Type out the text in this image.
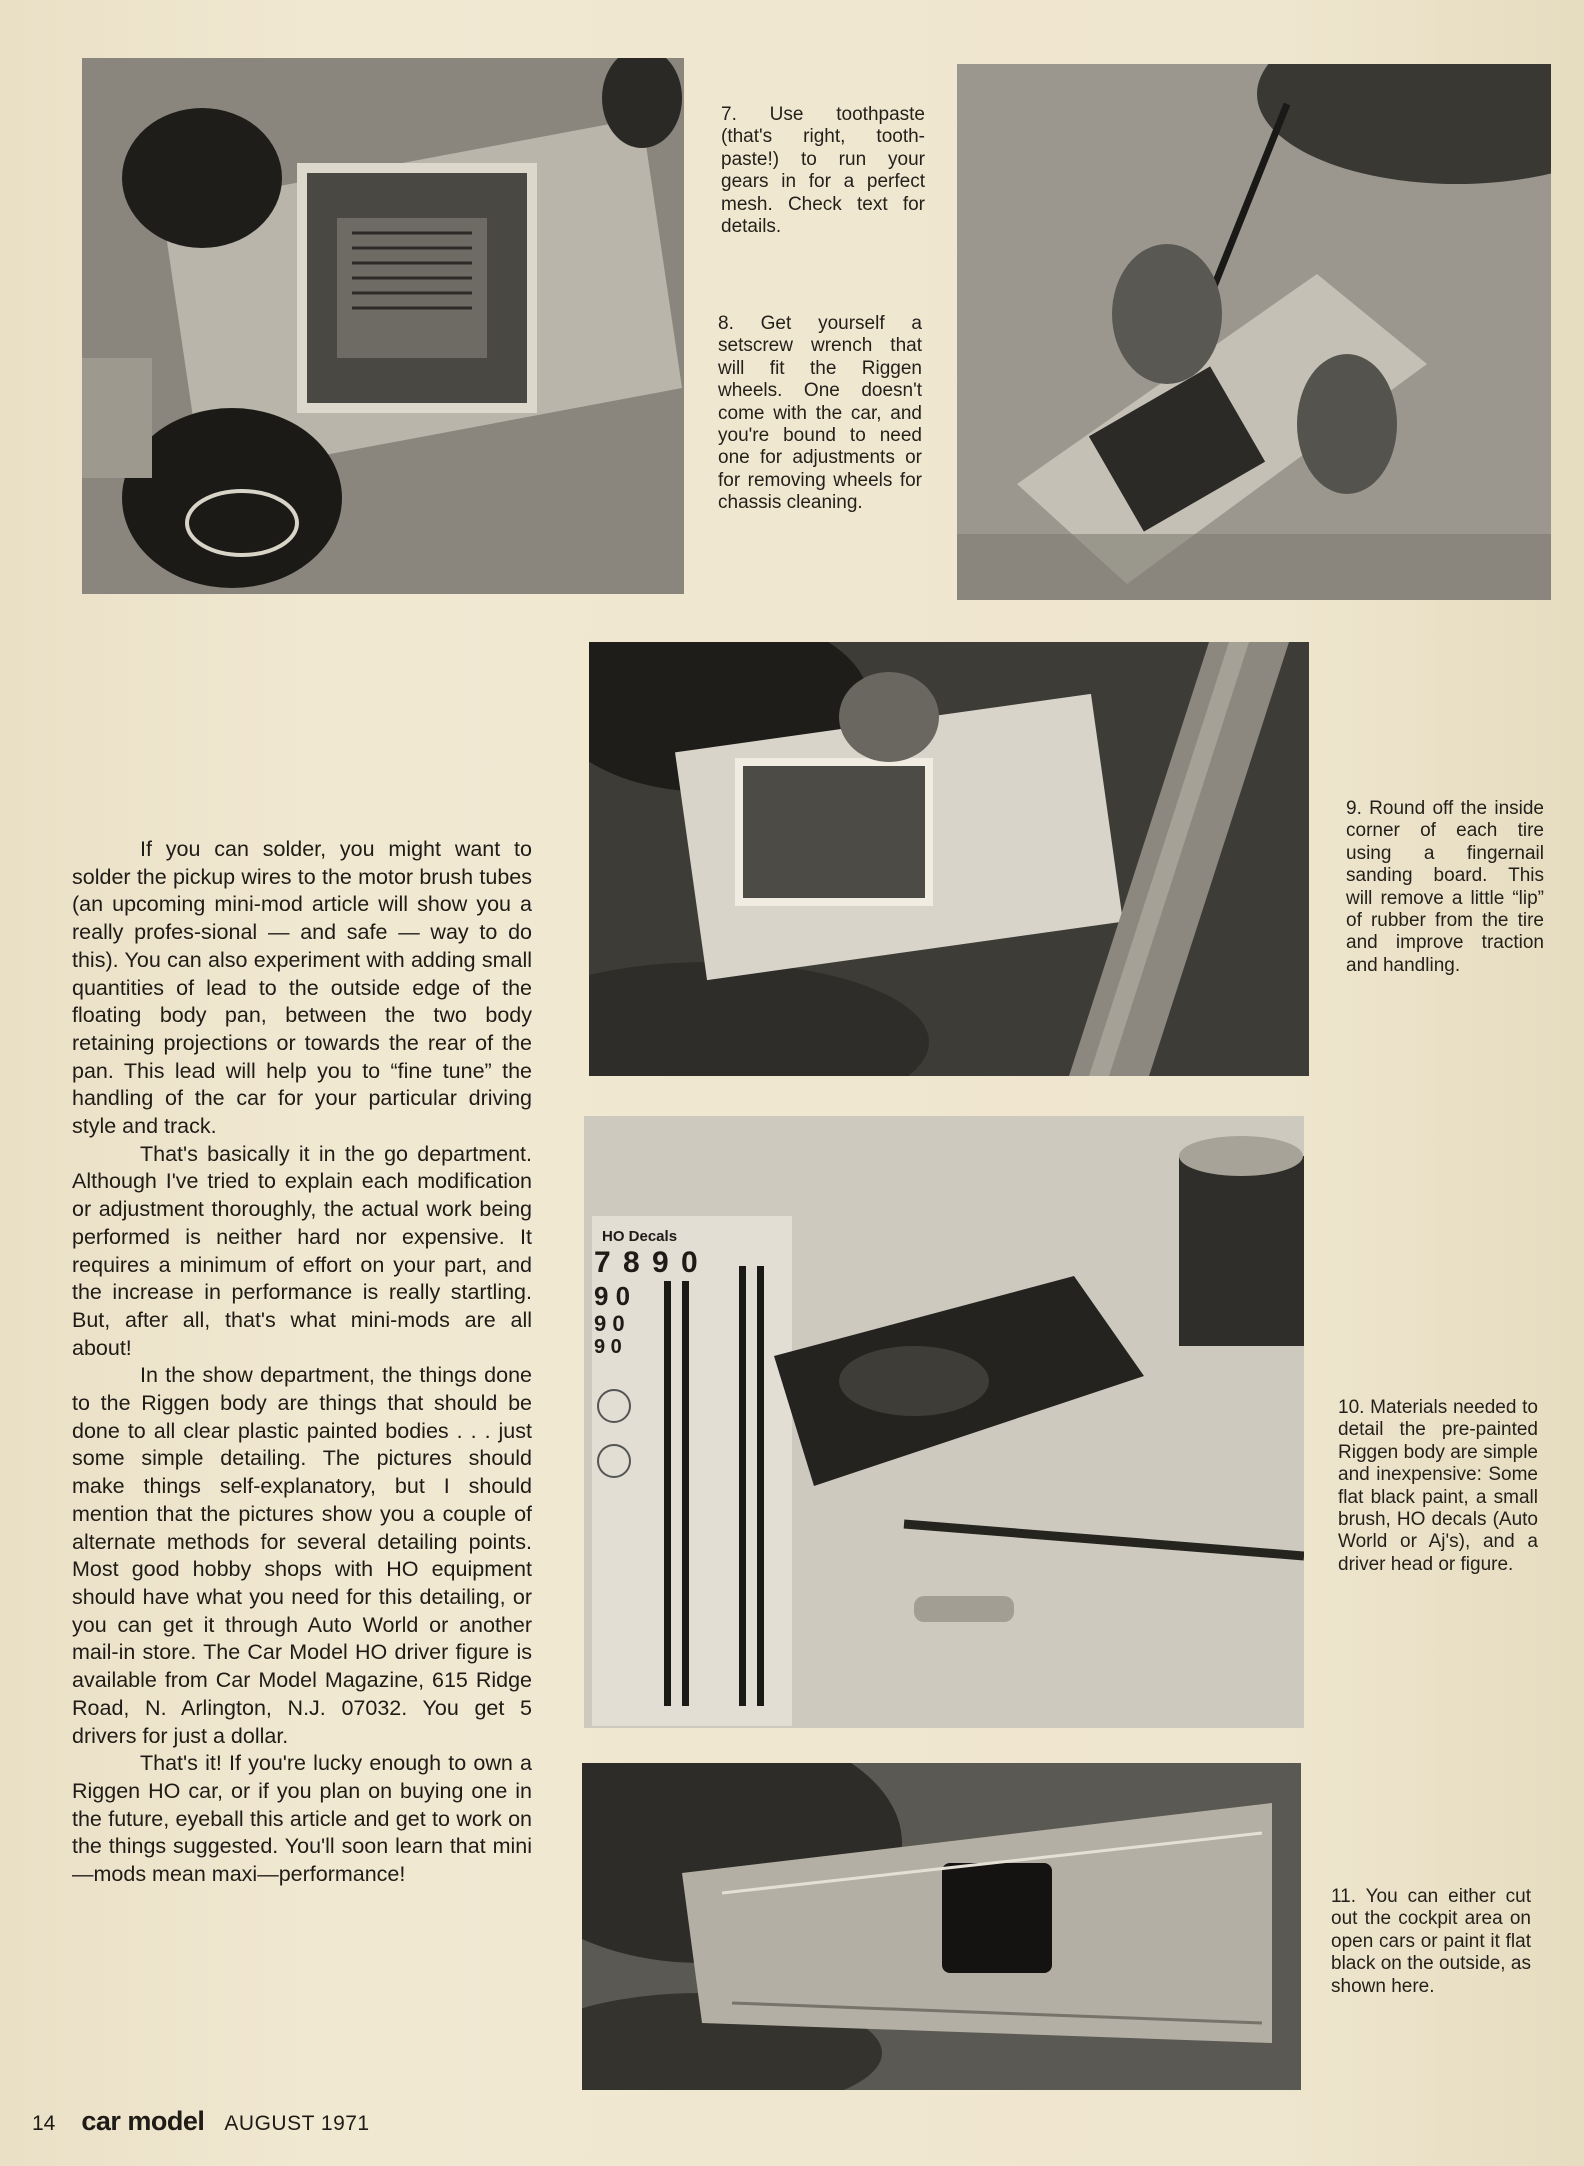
7. Use toothpaste (that's right, tooth-paste!) to run your gears in for a perfect mesh. Check text for details.

8. Get yourself a setscrew wrench that will fit the Riggen wheels. One doesn't come with the car, and you're bound to need one for adjustments or for removing wheels for chassis cleaning.

9. Round off the inside corner of each tire using a fingernail sanding board. This will remove a little “lip” of rubber from the tire and improve traction and handling.

HO Decals
7 8 9 0
9 0
9 0
9 0

10. Materials needed to detail the pre-painted Riggen body are simple and inexpensive: Some flat black paint, a small brush, HO decals (Auto World or Aj's), and a driver head or figure.

11. You can either cut out the cockpit area on open cars or paint it flat black on the outside, as shown here.

If you can solder, you might want to solder the pickup wires to the motor brush tubes (an upcoming mini-mod article will show you a really profes-sional — and safe — way to do this). You can also experiment with adding small quantities of lead to the outside edge of the floating body pan, between the two body retaining projections or towards the rear of the pan. This lead will help you to “fine tune” the handling of the car for your particular driving style and track.

That's basically it in the go department. Although I've tried to explain each modification or adjustment thoroughly, the actual work being performed is neither hard nor expensive. It requires a minimum of effort on your part, and the increase in performance is really startling. But, after all, that's what mini-mods are all about!

In the show department, the things done to the Riggen body are things that should be done to all clear plastic painted bodies . . . just some simple detailing. The pictures should make things self-explanatory, but I should mention that the pictures show you a couple of alternate methods for several detailing points. Most good hobby shops with HO equipment should have what you need for this detailing, or you can get it through Auto World or another mail-in store. The Car Model HO driver figure is available from Car Model Magazine, 615 Ridge Road, N. Arlington, N.J. 07032. You get 5 drivers for just a dollar.

That's it! If you're lucky enough to own a Riggen HO car, or if you plan on buying one in the future, eyeball this article and get to work on the things suggested. You'll soon learn that mini—mods mean maxi—performance!

14 car model AUGUST 1971
